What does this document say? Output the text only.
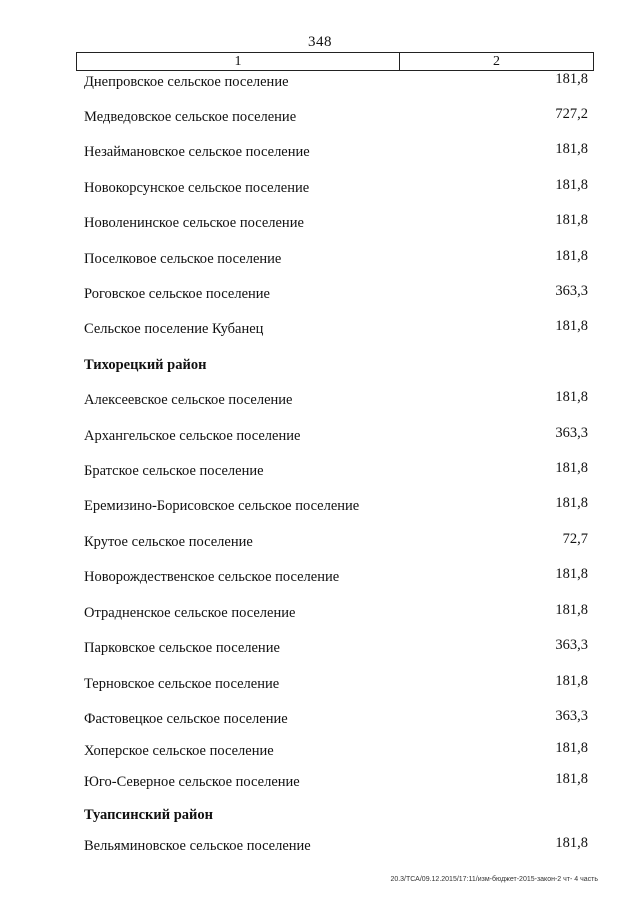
348
1	2
Днепровское сельское поселение	181,8
Медведовское сельское поселение	727,2
Незаймановское сельское поселение	181,8
Новокорсунское сельское поселение	181,8
Новоленинское сельское поселение	181,8
Поселковое сельское поселение	181,8
Роговское сельское поселение	363,3
Сельское поселение Кубанец	181,8
Тихорецкий район
Алексеевское сельское поселение	181,8
Архангельское сельское поселение	363,3
Братское сельское поселение	181,8
Еремизино-Борисовское сельское поселение	181,8
Крутое сельское поселение	72,7
Новорождественское сельское поселение	181,8
Отрадненское сельское поселение	181,8
Парковское сельское поселение	363,3
Терновское сельское поселение	181,8
Фастовецкое сельское поселение	363,3
Хоперское сельское поселение	181,8
Юго-Северное сельское поселение	181,8
Туапсинский район
Вельяминовское сельское поселение	181,8
20.3/ТСА/09.12.2015/17:11/изм-бюджет-2015-закон-2 чт- 4 часть
